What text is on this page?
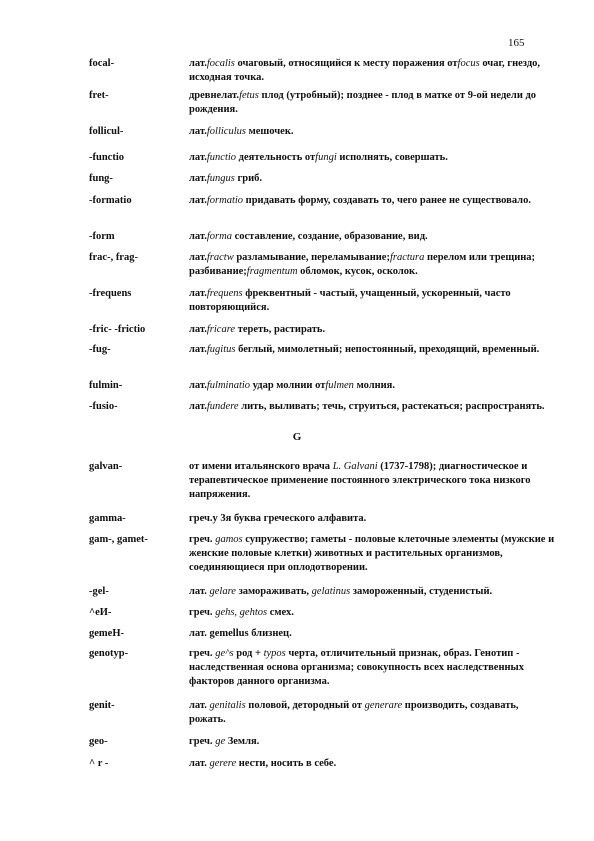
165
focal-	лат.focalis очаговый, относящийся к месту поражения отfocus очаг, гнездо, исходная точка.
fret-	древнелат.fetus плод (утробный); позднее - плод в матке от 9-ой недели до рождения.
follicul-	лат.folliculus мешочек.
-functio	лат.functio деятельность отfungi исполнять, совершать.
fung-	лат.fungus гриб.
-formatio	лат.formatio придавать форму, создавать то, чего ранее не существовало.
-form	лат.forma составление, создание, образование, вид.
frac-, frag-	лат.fractw разламывание, переламывание;fractura перелом или трещина; разбивание;fragmentum обломок, кусок, осколок.
-frequens	лат.frequens фреквентный - частый, учащенный, ускоренный, часто повторяющийся.
-fric- -frictio	лат.fricare тереть, растирать.
-fug-	лат.fugitus беглый, мимолетный; непостоянный, преходящий, временный.
fulmin-	лат.fulminatio удар молнии отfulmen молния.
-fusio-	лат.fundere лить, выливать; течь, струиться, растекаться; распространять.
galvan-	от имени итальянского врача L. Galvani (1737-1798); диагностическое и терапевтическое применение постоянного электрического тока низкого напряжения.
gamma-	греч.у 3я буква греческого алфавита.
gam-, gamet-	греч. gamos супружество; гаметы - половые клеточные элементы (мужские и женские половые клетки) животных и растительных организмов, соединяющиеся при оплодотворении.
-gel-	лат. gelare замораживать, gelatinus замороженный, студенистый.
^еИ-	греч. gehs, gehtos смех.
gemeH-	лат. gemellus близнец.
genotyp-	греч. ge^s род + typos черта, отличительный признак, образ. Генотип - наследственная основа организма; совокупность всех наследственных факторов данного организма.
genit-	лат. genitalis половой, детородный от generare производить, создавать, рожать.
geo-	греч. ge Земля.
^ r -	лат. gerere нести, носить в себе.
G
